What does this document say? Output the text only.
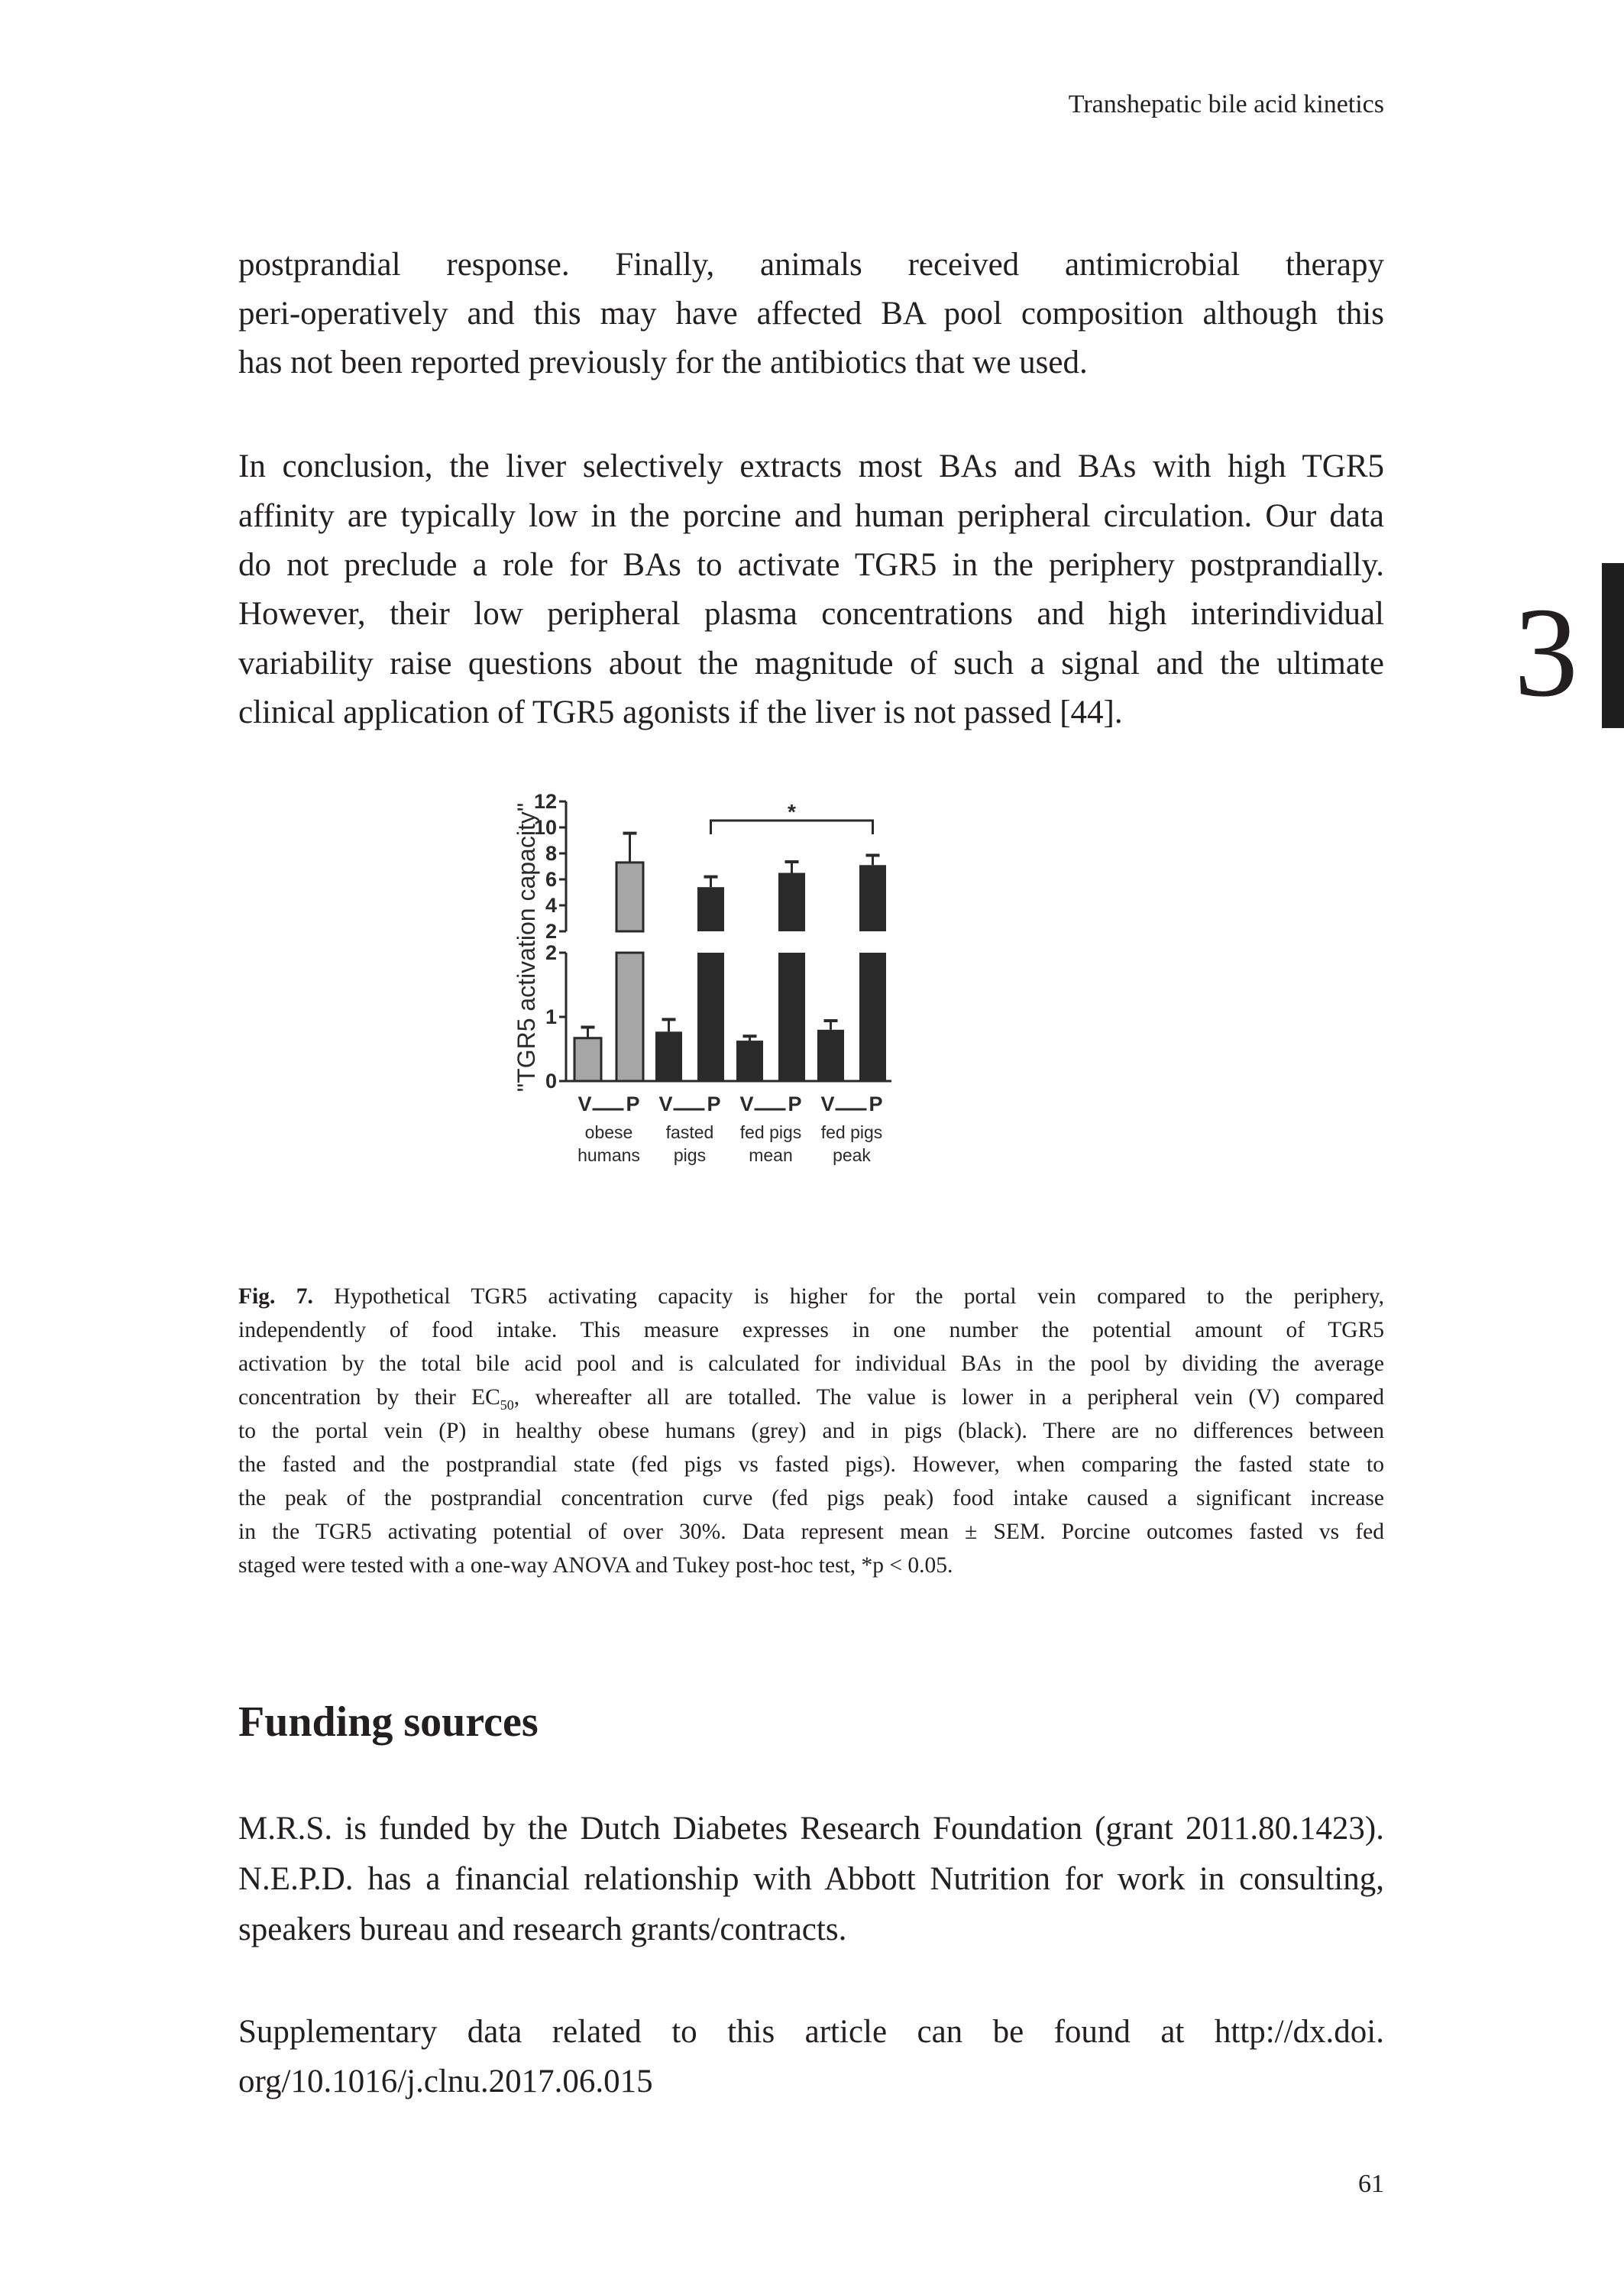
Transhepatic bile acid kinetics
3
postprandial response. Finally, animals received antimicrobial therapy
peri-operatively and this may have affected BA pool composition although this
has not been reported previously for the antibiotics that we used.
In conclusion, the liver selectively extracts most BAs and BAs with high TGR5
affinity are typically low in the porcine and human peripheral circulation. Our data
do not preclude a role for BAs to activate TGR5 in the periphery postprandially.
However, their low peripheral plasma concentrations and high interindividual
variability raise questions about the magnitude of such a signal and the ultimate
clinical application of TGR5 agonists if the liver is not passed [44].
2
4
6
8
10
12
0
1
2
"TGR5 activation capacity"
V P
obese
humans
V P
fasted
pigs
V P
fed pigs
mean
V P
fed pigs
peak
*
Fig. 7. Hypothetical TGR5 activating capacity is higher for the portal vein compared to the periphery,
independently of food intake. This measure expresses in one number the potential amount of TGR5
activation by the total bile acid pool and is calculated for individual BAs in the pool by dividing the average
concentration by their $EC_{50}$, whereafter all are totalled. The value is lower in a peripheral vein (V) compared
to the portal vein (P) in healthy obese humans (grey) and in pigs (black). There are no differences between
the fasted and the postprandial state (fed pigs vs fasted pigs). However, when comparing the fasted state to
the peak of the postprandial concentration curve (fed pigs peak) food intake caused a significant increase
in the TGR5 activating potential of over 30%. Data represent mean ± SEM. Porcine outcomes fasted vs fed
staged were tested with a one-way ANOVA and Tukey post-hoc test, *p < 0.05.
Funding sources
M.R.S. is funded by the Dutch Diabetes Research Foundation (grant 2011.80.1423).
N.E.P.D. has a financial relationship with Abbott Nutrition for work in consulting,
speakers bureau and research grants/contracts.
Supplementary data related to this article can be found at http://dx.doi.
org/10.1016/j.clnu.2017.06.015
61
